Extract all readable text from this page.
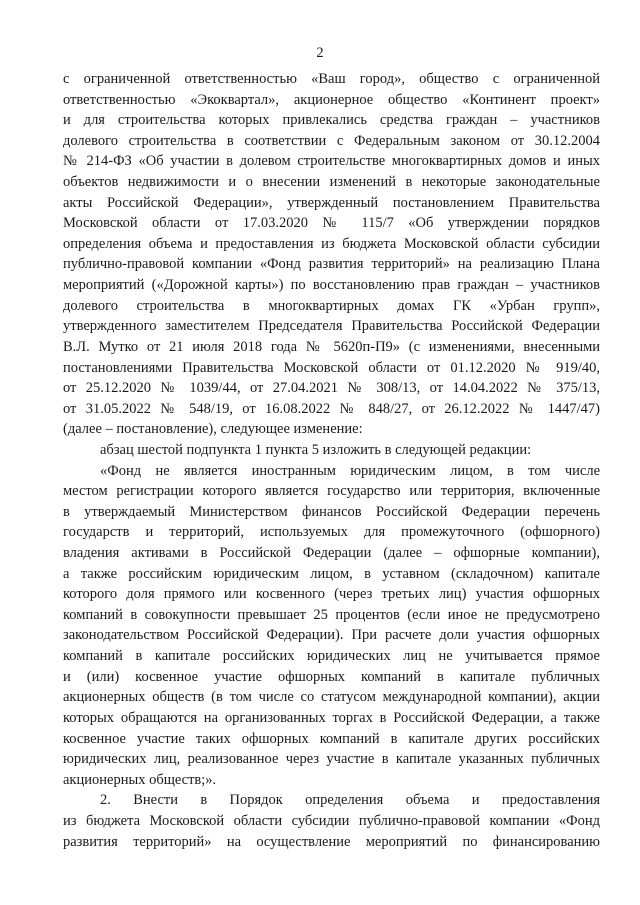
2
с ограниченной ответственностью «Ваш город», общество с ограниченной
ответственностью «Экоквартал», акционерное общество «Континент проект»
и для строительства которых привлекались средства граждан – участников
долевого строительства в соответствии с Федеральным законом от 30.12.2004
№ 214-ФЗ «Об участии в долевом строительстве многоквартирных домов и иных
объектов недвижимости и о внесении изменений в некоторые законодательные
акты Российской Федерации», утвержденный постановлением Правительства
Московской области от 17.03.2020 № 115/7 «Об утверждении порядков
определения объема и предоставления из бюджета Московской области субсидии
публично-правовой компании «Фонд развития территорий» на реализацию Плана
мероприятий («Дорожной карты») по восстановлению прав граждан – участников
долевого строительства в многоквартирных домах ГК «Урбан групп»,
утвержденного заместителем Председателя Правительства Российской Федерации
В.Л. Мутко от 21 июля 2018 года № 5620п-П9» (с изменениями, внесенными
постановлениями Правительства Московской области от 01.12.2020 № 919/40,
от 25.12.2020 № 1039/44, от 27.04.2021 № 308/13, от 14.04.2022 № 375/13,
от 31.05.2022 № 548/19, от 16.08.2022 № 848/27, от 26.12.2022 № 1447/47)
(далее – постановление), следующее изменение:
абзац шестой подпункта 1 пункта 5 изложить в следующей редакции:
«Фонд не является иностранным юридическим лицом, в том числе
местом регистрации которого является государство или территория, включенные
в утверждаемый Министерством финансов Российской Федерации перечень
государств и территорий, используемых для промежуточного (офшорного)
владения активами в Российской Федерации (далее – офшорные компании),
а также российским юридическим лицом, в уставном (складочном) капитале
которого доля прямого или косвенного (через третьих лиц) участия офшорных
компаний в совокупности превышает 25 процентов (если иное не предусмотрено
законодательством Российской Федерации). При расчете доли участия офшорных
компаний в капитале российских юридических лиц не учитывается прямое
и (или) косвенное участие офшорных компаний в капитале публичных
акционерных обществ (в том числе со статусом международной компании), акции
которых обращаются на организованных торгах в Российской Федерации, а также
косвенное участие таких офшорных компаний в капитале других российских
юридических лиц, реализованное через участие в капитале указанных публичных
акционерных обществ;».
2. Внести в Порядок определения объема и предоставления
из бюджета Московской области субсидии публично-правовой компании «Фонд
развития территорий» на осуществление мероприятий по финансированию
